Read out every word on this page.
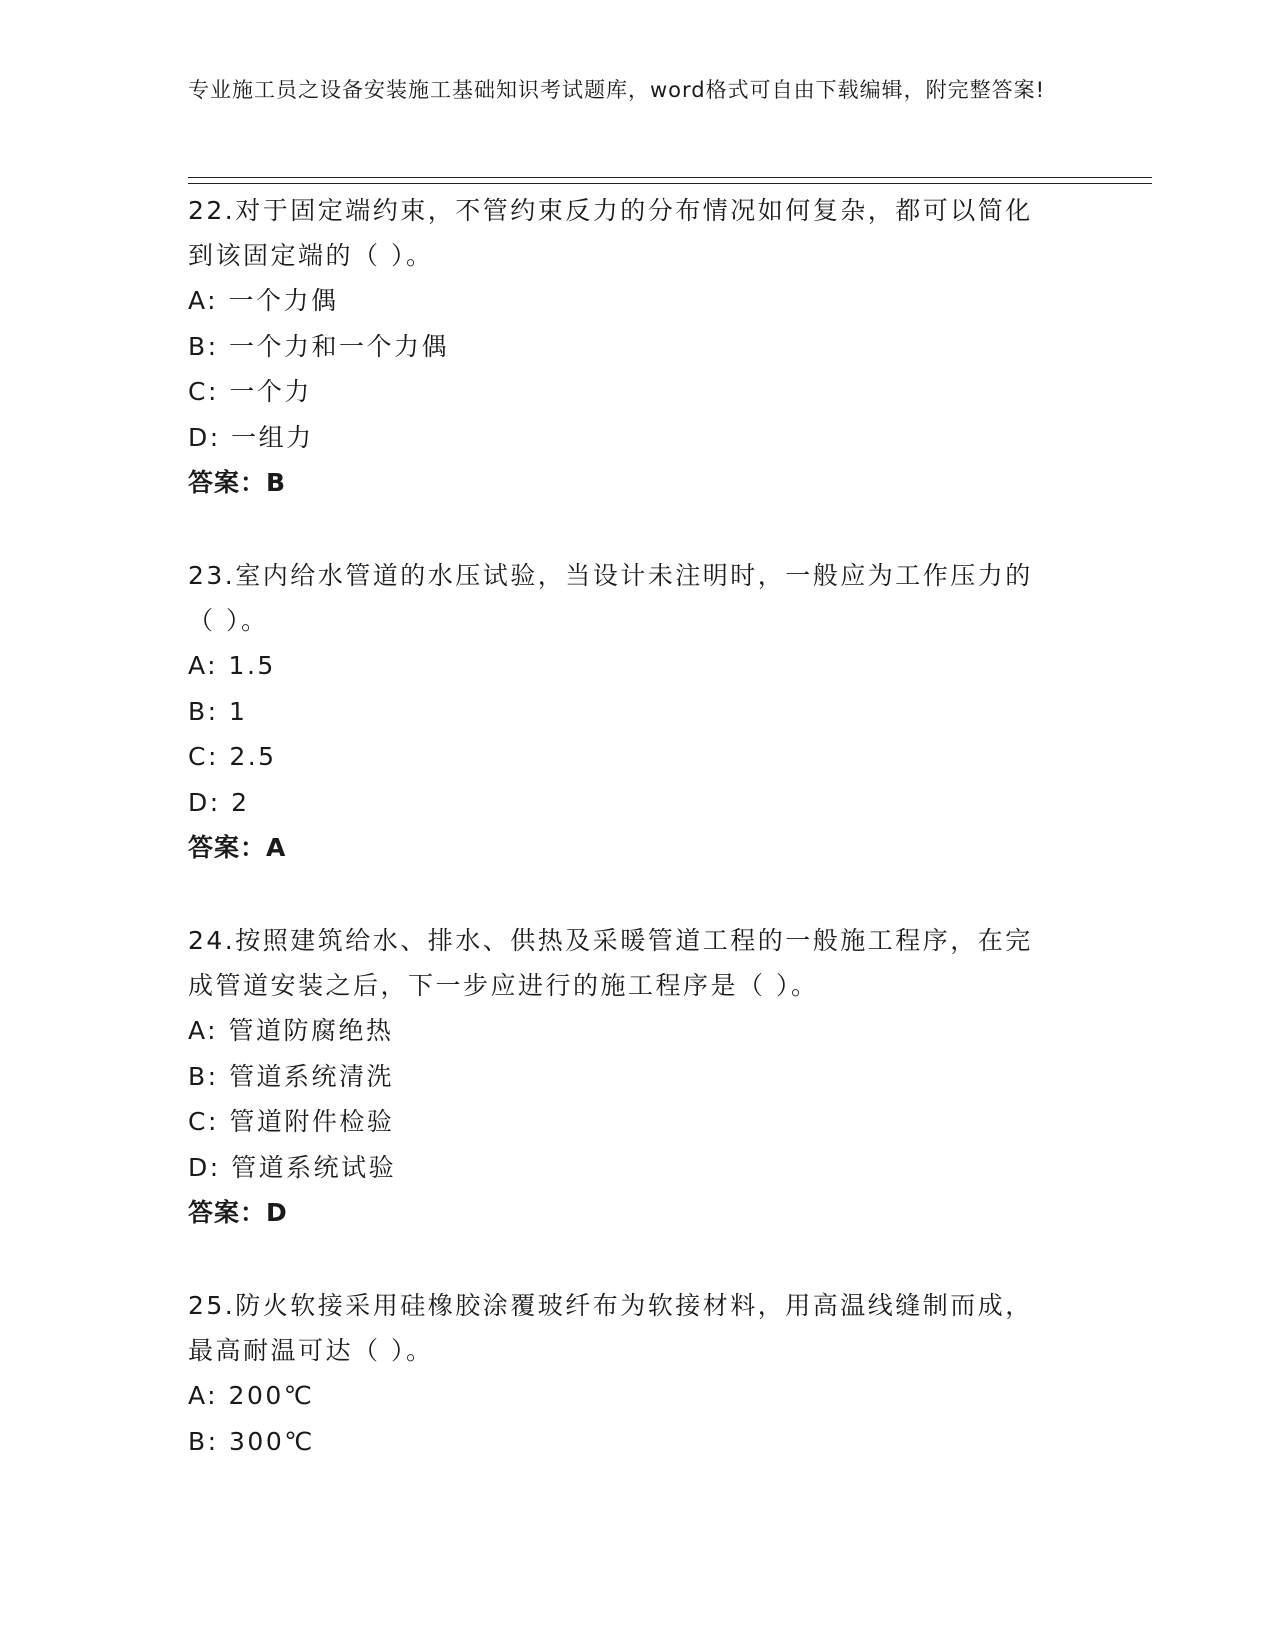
专业施工员之设备安装施工基础知识考试题库，word格式可自由下载编辑，附完整答案!

22.对于固定端约束，不管约束反力的分布情况如何复杂，都可以简化

到该固定端的（ ）。

A: 一个力偶

B: 一个力和一个力偶

C: 一个力

D: 一组力

答案：B

23.室内给水管道的水压试验，当设计未注明时，一般应为工作压力的

（ ）。

A: 1.5

B: 1

C: 2.5

D: 2

答案：A

24.按照建筑给水、排水、供热及采暖管道工程的一般施工程序，在完

成管道安装之后，下一步应进行的施工程序是（ ）。

A: 管道防腐绝热

B: 管道系统清洗

C: 管道附件检验

D: 管道系统试验

答案：D

25.防火软接采用硅橡胶涂覆玻纤布为软接材料，用高温线缝制而成，

最高耐温可达（ ）。

A: 200℃

B: 300℃
